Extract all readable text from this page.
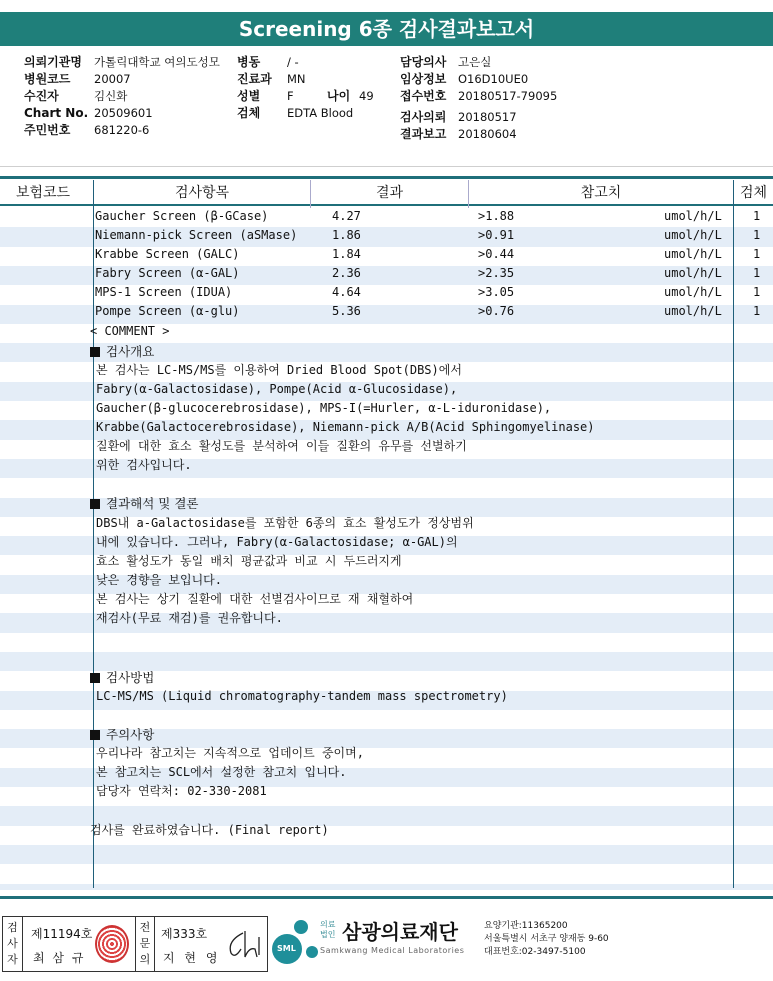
Screening 6종 검사결과보고서
의뢰기관명 가톨릭대학교 여의도성모
병원코드 20007
수진자	김신화
Chart No. 20509601
주민번호 681220-6
병동 / -
진료과 MN
성별 F	나이 49
검체 EDTA Blood
담당의사 고은실
임상정보 O16D10UE0
접수번호 20180517-79095
검사의뢰 20180517
결과보고 20180604
보험코드	검사항목	결과	참고치	검체
Gaucher Screen (β-GCase)	4.27	>1.88	umol/h/L	1
Niemann-pick Screen (aSMase)	1.86	>0.91	umol/h/L	1
Krabbe Screen (GALC)	1.84	>0.44	umol/h/L	1
Fabry Screen (α-GAL)	2.36	>2.35	umol/h/L	1
MPS-1 Screen (IDUA)	4.64	>3.05	umol/h/L	1
Pompe Screen (α-glu)	5.36	>0.76	umol/h/L	1
< COMMENT >
검사개요
본 검사는 LC-MS/MS를 이용하여 Dried Blood Spot(DBS)에서
Fabry(α-Galactosidase), Pompe(Acid α-Glucosidase),
Gaucher(β-glucocerebrosidase), MPS-I(=Hurler, α-L-iduronidase),
Krabbe(Galactocerebrosidase), Niemann-pick A/B(Acid Sphingomyelinase)
질환에 대한 효소 활성도를 분석하여 이들 질환의 유무를 선별하기
위한 검사입니다.
결과해석 및 결론
DBS내 a-Galactosidase를 포함한 6종의 효소 활성도가 정상범위
내에 있습니다. 그러나, Fabry(α-Galactosidase; α-GAL)의
효소 활성도가 동일 배치 평균값과 비교 시 두드러지게
낮은 경향을 보입니다.
본 검사는 상기 질환에 대한 선별검사이므로 재 채혈하여
재검사(무료 재검)를 권유합니다.
검사방법
LC-MS/MS (Liquid chromatography-tandem mass spectrometry)
주의사항
우리나라 참고치는 지속적으로 업데이트 중이며,
본 참고치는 SCL에서 설정한 참고치 입니다.
담당자 연락처: 02-330-2081
검사를 완료하였습니다. (Final report)
검사자
제11194호
최 삼 규
전문의
제333호
지 현 영
SML
의료
법인 삼광의료재단
Samkwang Medical Laboratories
요양기관:11365200
서울특별시 서초구 양재동 9-60
대표번호:02-3497-5100
